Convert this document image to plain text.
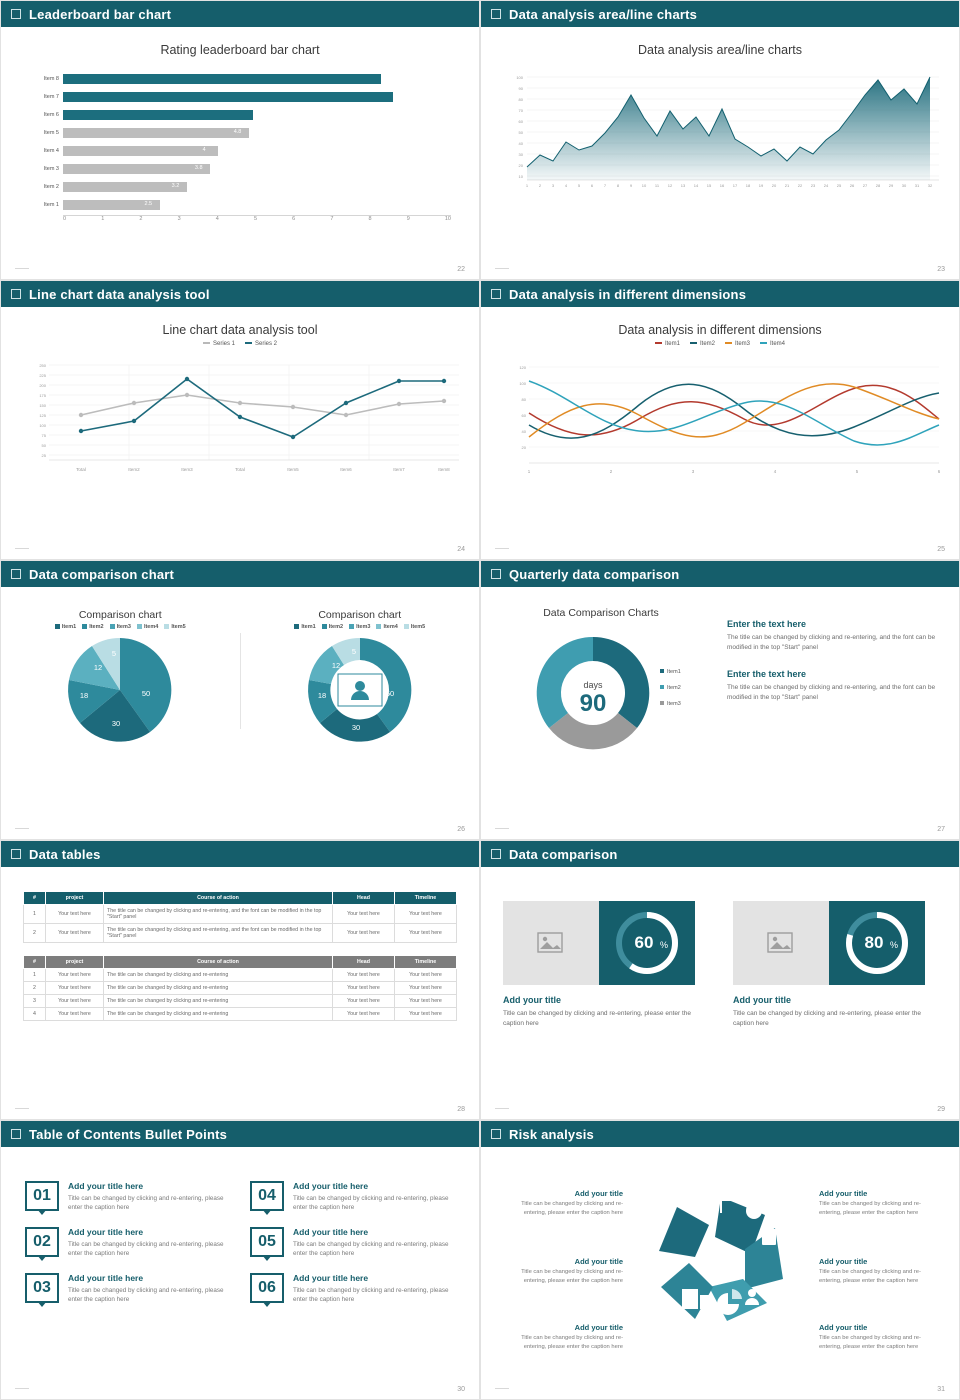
Leaderboard bar chart
Rating leaderboard bar chart
Item 8
Item 7
Item 6
Item 5	4.8
Item 4	4
Item 3	3.8
Item 2	3.2
Item 1	2.5
0	1	2	3	4	5	6	7	8	9	10
22
Data analysis area/line charts
Data analysis area/line charts
100
90
80
70
60
50
40
30
20
10
1	2	3	4	5	6	7	8	9 10 11 12 13 14 15 16 17 18 19 20 21 22 23 24 25 26 27 28 29 30 31 32
23
Line chart data analysis tool
Line chart data analysis tool
Series 1	Series 2
250
225
200
175
150
125
100
75
50
25
Total	Item2	Item3	Total	Item5	Item6	Item7	Item8
24
Data analysis in different dimensions
Data analysis in different dimensions
Item1	Item2	Item3	Item4
120
100
80
60
40
20
1	2	3	4	5	6
25
Data comparison chart
Comparison chart
Item1	Item2	Item3	Item4	Item5
50
30
18
12
5
Comparison chart
Item1	Item2	Item3	Item4	Item5
50
30
18
12
5
26
Quarterly data comparison
Data Comparison Charts
days
90
Item1
Item2
Item3
Enter the text here
The title can be changed by clicking and re-entering, and the font can be modified in the top "Start" panel
Enter the text here
The title can be changed by clicking and re-entering, and the font can be modified in the top "Start" panel
27
Data tables
#	project	Course of action	Head	Timeline
1	Your text here	The title can be changed by clicking and re-entering, and the font can be modified in the top "Start" panel	Your text here	Your text here
2	Your text here	The title can be changed by clicking and re-entering, and the font can be modified in the top "Start" panel	Your text here	Your text here
#	project	Course of action	Head	Timeline
1	Your text here	The title can be changed by clicking and re-entering	Your text here	Your text here
2	Your text here	The title can be changed by clicking and re-entering	Your text here	Your text here
3	Your text here	The title can be changed by clicking and re-entering	Your text here	Your text here
4	Your text here	The title can be changed by clicking and re-entering	Your text here	Your text here
28
Data comparison
60 %
Add your title
Title can be changed by clicking and re-entering, please enter the caption here
80 %
Add your title
Title can be changed by clicking and re-entering, please enter the caption here
29
Table of Contents Bullet Points
01
Add your title here
Title can be changed by clicking and re-entering, please enter the caption here
02
Add your title here
Title can be changed by clicking and re-entering, please enter the caption here
03
Add your title here
Title can be changed by clicking and re-entering, please enter the caption here
04
Add your title here
Title can be changed by clicking and re-entering, please enter the caption here
05
Add your title here
Title can be changed by clicking and re-entering, please enter the caption here
06
Add your title here
Title can be changed by clicking and re-entering, please enter the caption here
30
Risk analysis
Add your title
Title can be changed by clicking and re-entering, please enter the caption here
Add your title
Title can be changed by clicking and re-entering, please enter the caption here
Add your title
Title can be changed by clicking and re-entering, please enter the caption here
Add your title
Title can be changed by clicking and re-entering, please enter the caption here
Add your title
Title can be changed by clicking and re-entering, please enter the caption here
Add your title
Title can be changed by clicking and re-entering, please enter the caption here
31
